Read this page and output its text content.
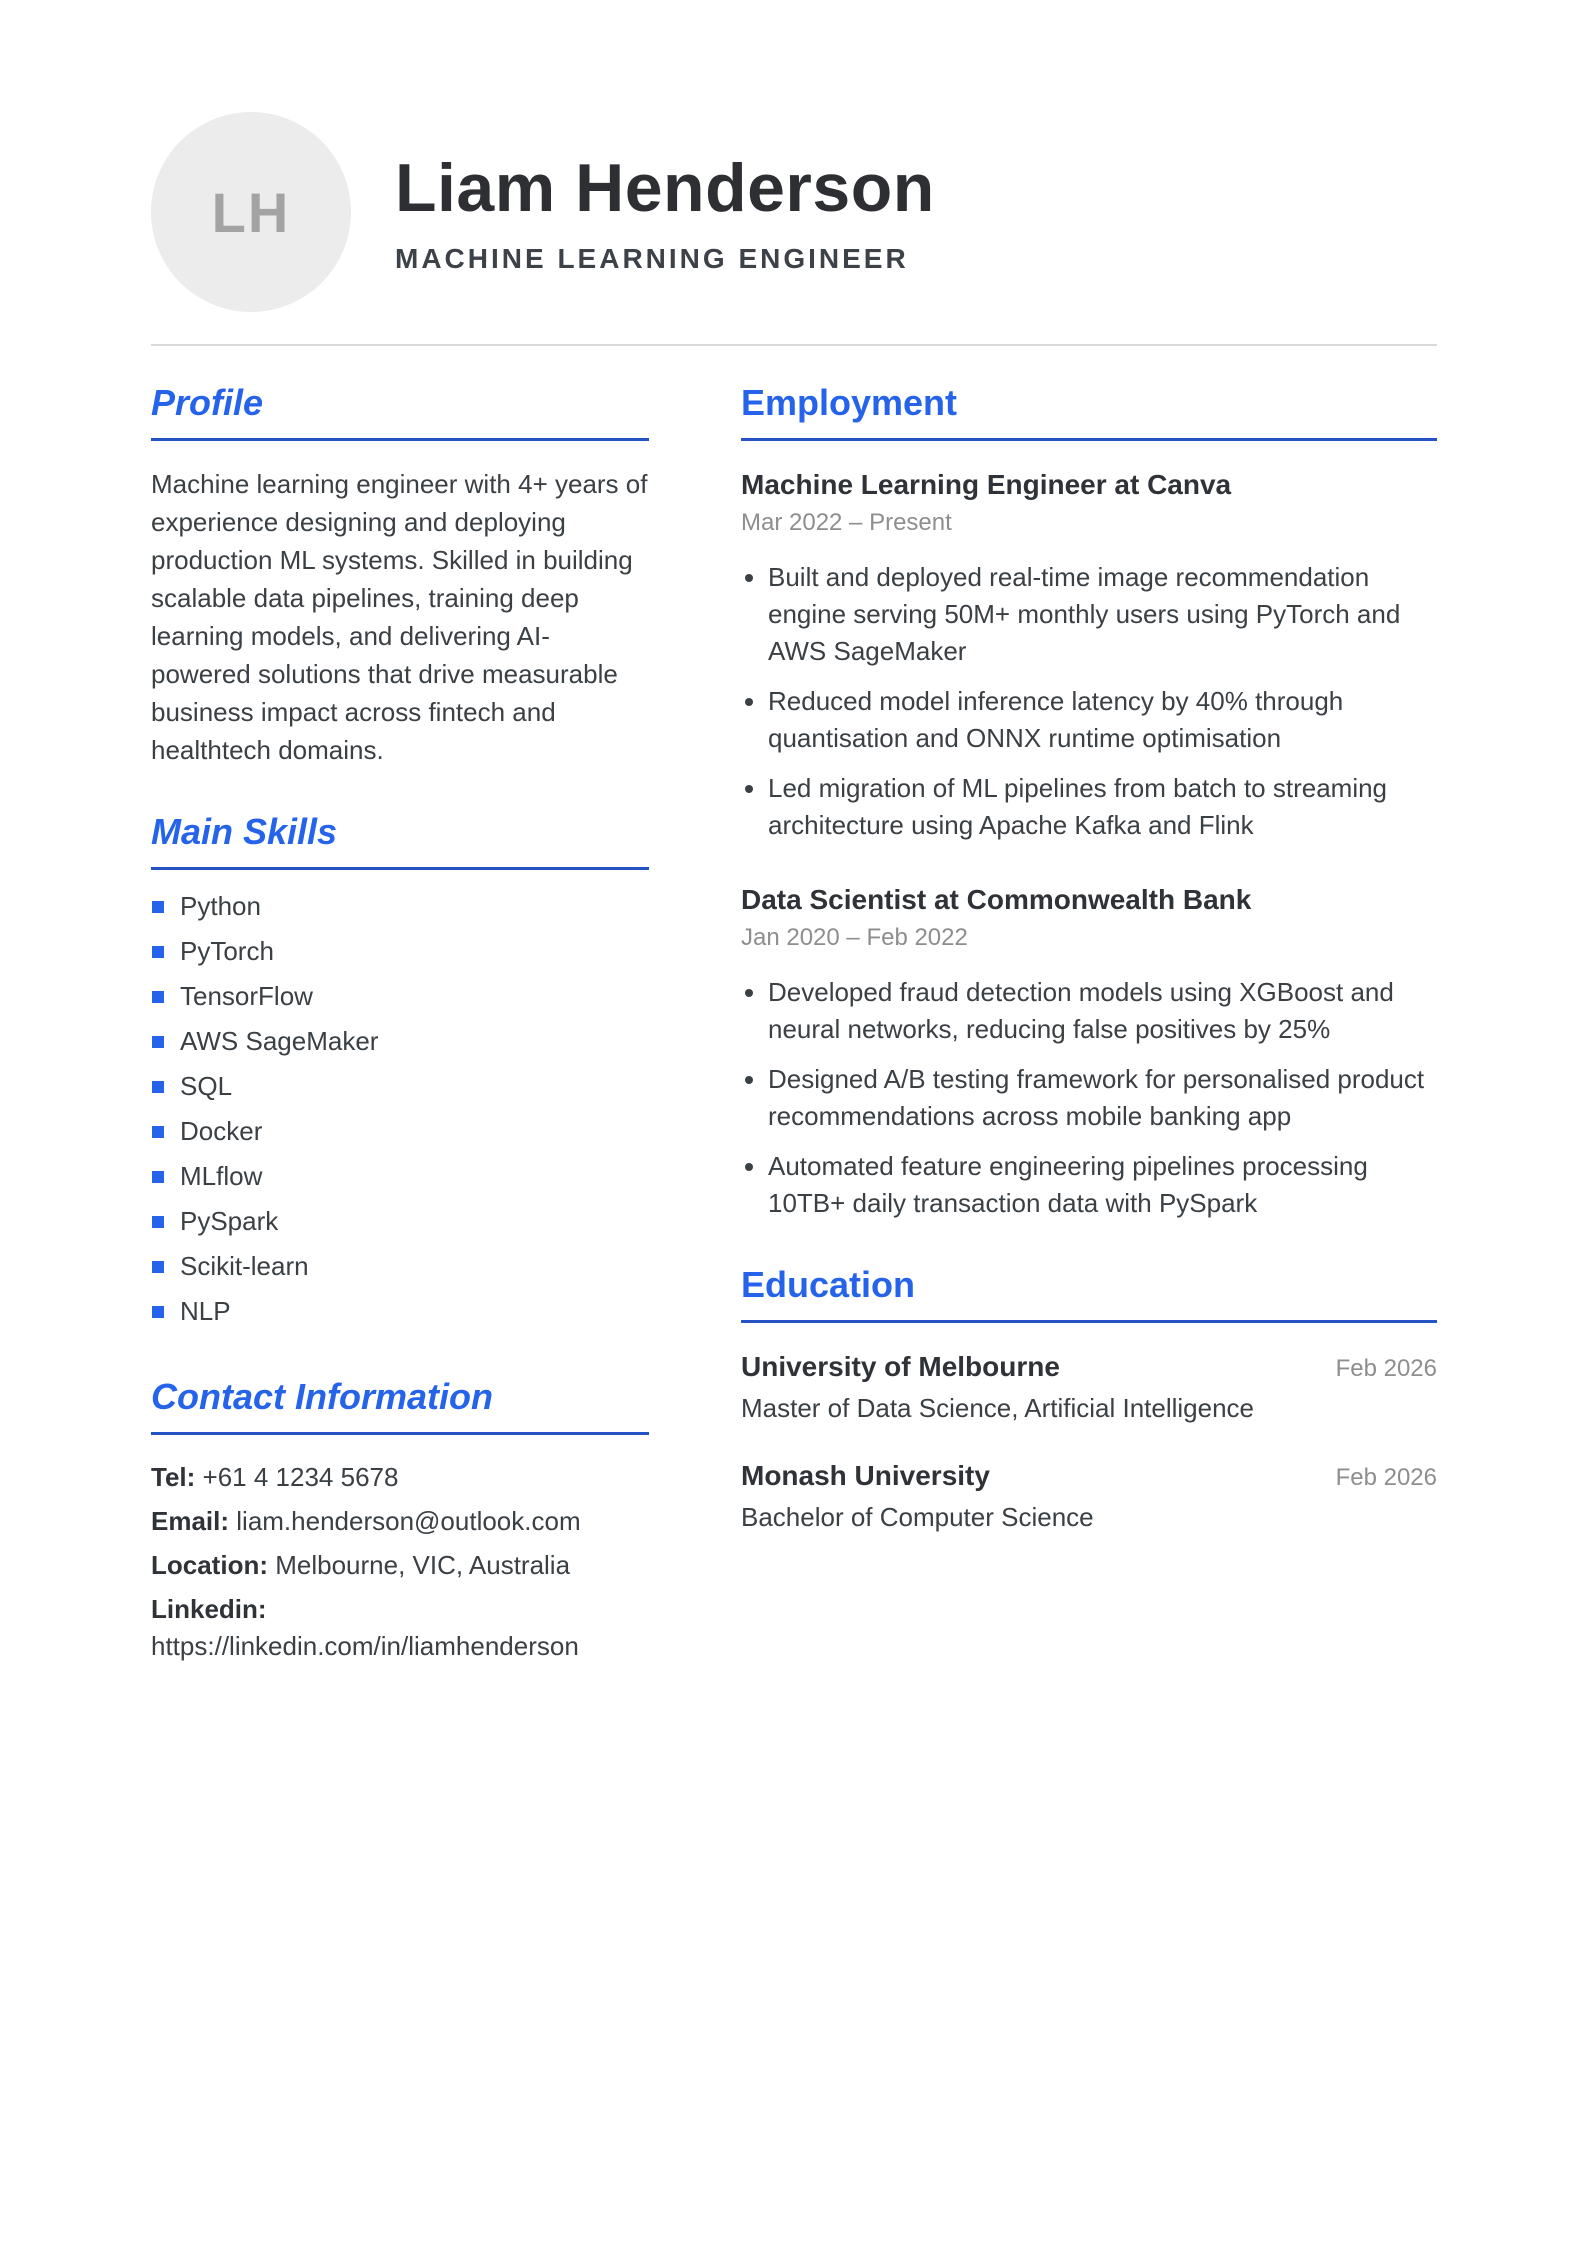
LH Liam Henderson
MACHINE LEARNING ENGINEER
Profile

Machine learning engineer with 4+ years of experience designing and deploying production ML systems. Skilled in building scalable data pipelines, training deep learning models, and delivering AI-powered solutions that drive measurable business impact across fintech and healthtech domains.

Main Skills
Python
PyTorch
TensorFlow
AWS SageMaker
SQL
Docker
MLflow
PySpark
Scikit-learn
NLP
Contact Information

Tel: +61 4 1234 5678

Email: liam.henderson@outlook.com

Location: Melbourne, VIC, Australia

Linkedin: https://linkedin.com/in/liamhenderson

Employment
Machine Learning Engineer at Canva

Mar 2022 – Present

• Built and deployed real-time image recommendation engine serving 50M+ monthly users using PyTorch and AWS SageMaker
• Reduced model inference latency by 40% through quantisation and ONNX runtime optimisation
• Led migration of ML pipelines from batch to streaming architecture using Apache Kafka and Flink
Data Scientist at Commonwealth Bank

Jan 2020 – Feb 2022

• Developed fraud detection models using XGBoost and neural networks, reducing false positives by 25%
• Designed A/B testing framework for personalised product recommendations across mobile banking app
• Automated feature engineering pipelines processing 10TB+ daily transaction data with PySpark
Education
University of Melbourne	Feb 2026

Master of Data Science, Artificial Intelligence

Monash University	Feb 2026

Bachelor of Computer Science
